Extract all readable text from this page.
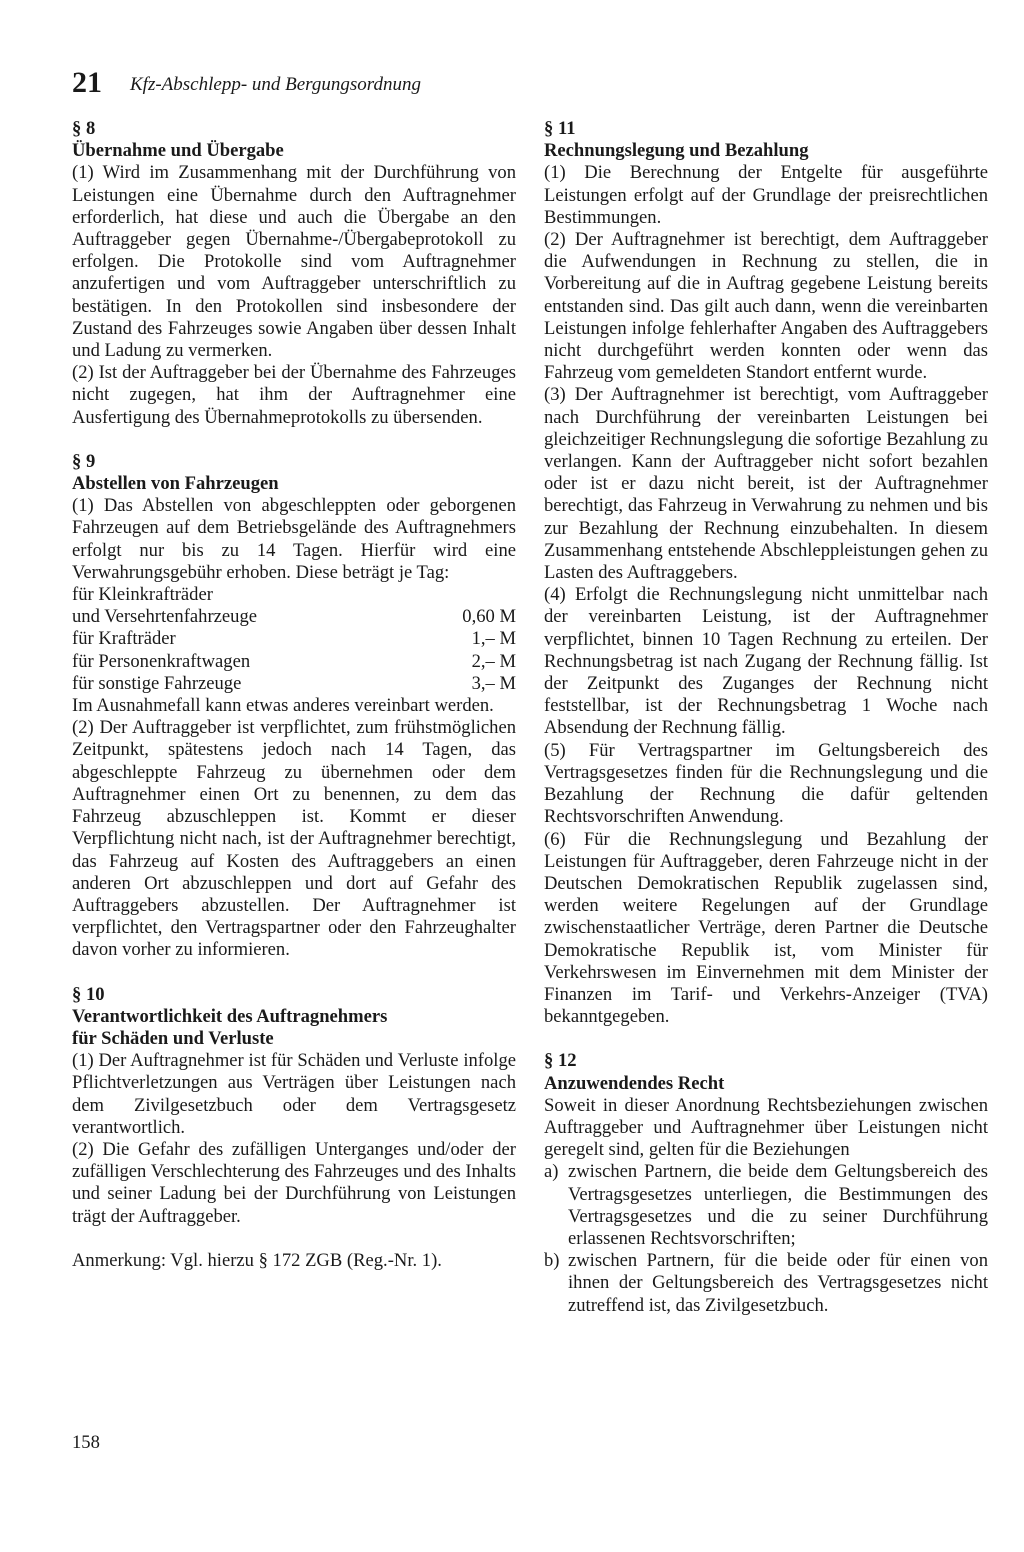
21 Kfz-Abschlepp- und Bergungsordnung
§ 8
Übernahme und Übergabe

(1) Wird im Zusammenhang mit der Durchführung von Leistungen eine Übernahme durch den Auftragnehmer erforderlich, hat diese und auch die Übergabe an den Auftraggeber gegen Übernahme-/Übergabeprotokoll zu erfolgen. Die Protokolle sind vom Auftragnehmer anzufertigen und vom Auftraggeber unterschriftlich zu bestätigen. In den Protokollen sind insbesondere der Zustand des Fahrzeuges sowie Angaben über dessen Inhalt und Ladung zu vermerken.

(2) Ist der Auftraggeber bei der Übernahme des Fahrzeuges nicht zugegen, hat ihm der Auftragnehmer eine Ausfertigung des Übernahmeprotokolls zu übersenden.

§ 9
Abstellen von Fahrzeugen

(1) Das Abstellen von abgeschleppten oder geborgenen Fahrzeugen auf dem Betriebsgelände des Auftragnehmers erfolgt nur bis zu 14 Tagen. Hierfür wird eine Verwahrungsgebühr erhoben. Diese beträgt je Tag:

für Kleinkrafträder
und Versehrtenfahrzeuge	0,60 M
für Krafträder	1,– M
für Personenkraftwagen	2,– M
für sonstige Fahrzeuge	3,– M

Im Ausnahmefall kann etwas anderes vereinbart werden.

(2) Der Auftraggeber ist verpflichtet, zum frühstmöglichen Zeitpunkt, spätestens jedoch nach 14 Tagen, das abgeschleppte Fahrzeug zu übernehmen oder dem Auftragnehmer einen Ort zu benennen, zu dem das Fahrzeug abzuschleppen ist. Kommt er dieser Verpflichtung nicht nach, ist der Auftragnehmer berechtigt, das Fahrzeug auf Kosten des Auftraggebers an einen anderen Ort abzuschleppen und dort auf Gefahr des Auftraggebers abzustellen. Der Auftragnehmer ist verpflichtet, den Vertragspartner oder den Fahrzeughalter davon vorher zu informieren.

§ 10
Verantwortlichkeit des Auftragnehmers
für Schäden und Verluste

(1) Der Auftragnehmer ist für Schäden und Verluste infolge Pflichtverletzungen aus Verträgen über Leistungen nach dem Zivilgesetzbuch oder dem Vertragsgesetz verantwortlich.

(2) Die Gefahr des zufälligen Unterganges und/oder der zufälligen Verschlechterung des Fahrzeuges und des Inhalts und seiner Ladung bei der Durchführung von Leistungen trägt der Auftraggeber.

Anmerkung: Vgl. hierzu § 172 ZGB (Reg.-Nr. 1).

§ 11
Rechnungslegung und Bezahlung

(1) Die Berechnung der Entgelte für ausgeführte Leistungen erfolgt auf der Grundlage der preisrechtlichen Bestimmungen.

(2) Der Auftragnehmer ist berechtigt, dem Auftraggeber die Aufwendungen in Rechnung zu stellen, die in Vorbereitung auf die in Auftrag gegebene Leistung bereits entstanden sind. Das gilt auch dann, wenn die vereinbarten Leistungen infolge fehlerhafter Angaben des Auftraggebers nicht durchgeführt werden konnten oder wenn das Fahrzeug vom gemeldeten Standort entfernt wurde.

(3) Der Auftragnehmer ist berechtigt, vom Auftraggeber nach Durchführung der vereinbarten Leistungen bei gleichzeitiger Rechnungslegung die sofortige Bezahlung zu verlangen. Kann der Auftraggeber nicht sofort bezahlen oder ist er dazu nicht bereit, ist der Auftragnehmer berechtigt, das Fahrzeug in Verwahrung zu nehmen und bis zur Bezahlung der Rechnung einzubehalten. In diesem Zusammenhang entstehende Abschleppleistungen gehen zu Lasten des Auftraggebers.

(4) Erfolgt die Rechnungslegung nicht unmittelbar nach der vereinbarten Leistung, ist der Auftragnehmer verpflichtet, binnen 10 Tagen Rechnung zu erteilen. Der Rechnungsbetrag ist nach Zugang der Rechnung fällig. Ist der Zeitpunkt des Zuganges der Rechnung nicht feststellbar, ist der Rechnungsbetrag 1 Woche nach Absendung der Rechnung fällig.

(5) Für Vertragspartner im Geltungsbereich des Vertragsgesetzes finden für die Rechnungslegung und die Bezahlung der Rechnung die dafür geltenden Rechtsvorschriften Anwendung.

(6) Für die Rechnungslegung und Bezahlung der Leistungen für Auftraggeber, deren Fahrzeuge nicht in der Deutschen Demokratischen Republik zugelassen sind, werden weitere Regelungen auf der Grundlage zwischenstaatlicher Verträge, deren Partner die Deutsche Demokratische Republik ist, vom Minister für Verkehrswesen im Einvernehmen mit dem Minister der Finanzen im Tarif- und Verkehrs-Anzeiger (TVA) bekanntgegeben.

§ 12
Anzuwendendes Recht

Soweit in dieser Anordnung Rechtsbeziehungen zwischen Auftraggeber und Auftragnehmer über Leistungen nicht geregelt sind, gelten für die Beziehungen

a) zwischen Partnern, die beide dem Geltungsbereich des Vertragsgesetzes unterliegen, die Bestimmungen des Vertragsgesetzes und die zu seiner Durchführung erlassenen Rechtsvorschriften;
b) zwischen Partnern, für die beide oder für einen von ihnen der Geltungsbereich des Vertragsgesetzes nicht zutreffend ist, das Zivilgesetzbuch.
158
